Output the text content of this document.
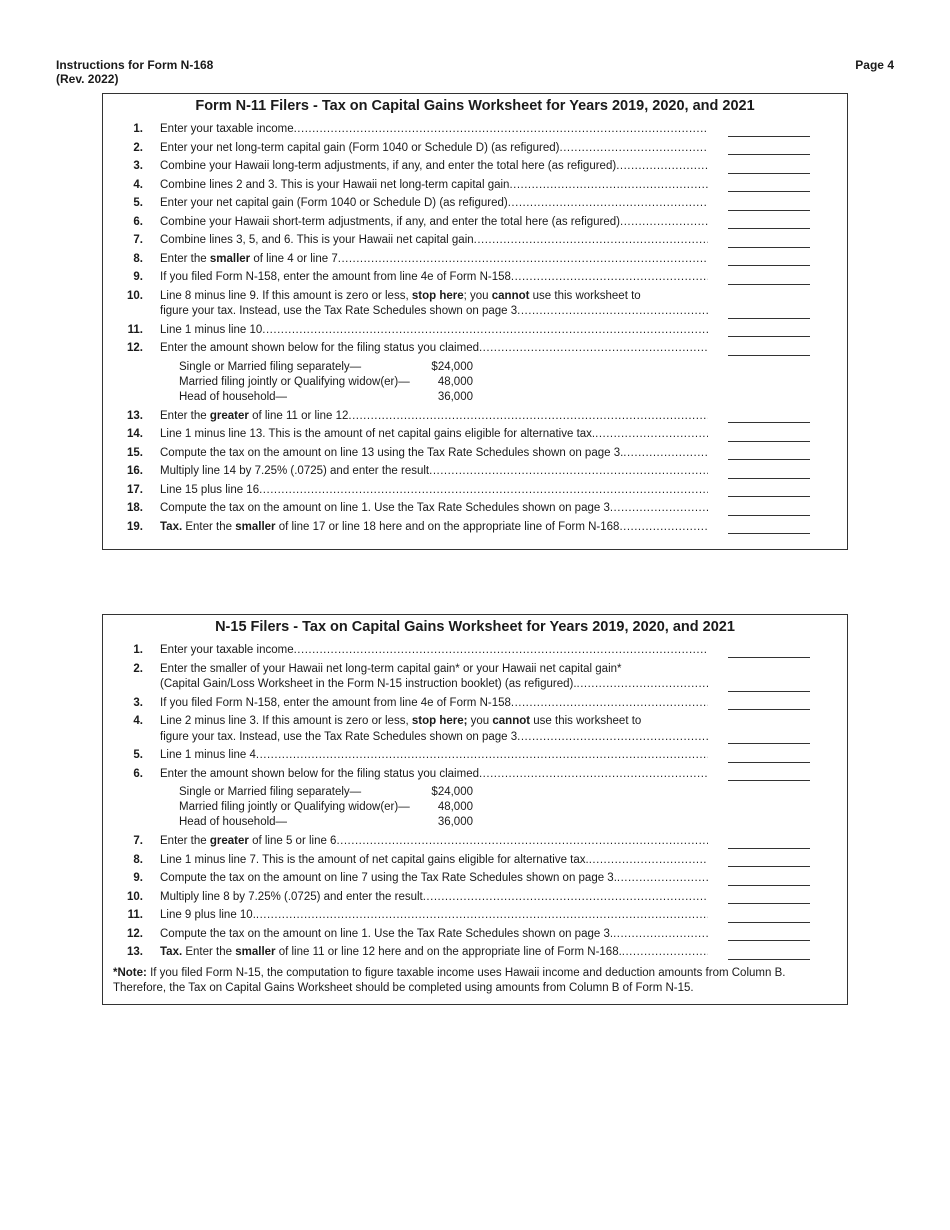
Instructions for Form N-168
(Rev. 2022)
Page 4
Form N-11 Filers - Tax on Capital Gains Worksheet for Years 2019, 2020, and 2021
1. Enter your taxable income
.....
2. Enter your net long-term capital gain (Form 1040 or Schedule D) (as refigured)
.....
3. Combine your Hawaii long-term adjustments, if any, and enter the total here (as refigured)
.....
4. Combine lines 2 and 3. This is your Hawaii net long-term capital gain
.....
5. Enter your net capital gain (Form 1040 or Schedule D) (as refigured)
.....
6. Combine your Hawaii short-term adjustments, if any, and enter the total here (as refigured)
.....
7. Combine lines 3, 5, and 6. This is your Hawaii net capital gain
.....
8. Enter the smaller of line 4 or line 7
.....
9. If you filed Form N-158, enter the amount from line 4e of Form N-158
.....
10. Line 8 minus line 9. If this amount is zero or less, stop here; you cannot use this worksheet to
figure your tax. Instead, use the Tax Rate Schedules shown on page 3
.....
11. Line 1 minus line 10
.....
12. Enter the amount shown below for the filing status you claimed
.....
Single or Married filing separately—	$24,000
Married filing jointly or Qualifying widow(er)—	48,000
Head of household—	36,000
13. Enter the greater of line 11 or line 12
.....
14. Line 1 minus line 13. This is the amount of net capital gains eligible for alternative tax.
.....
15. Compute the tax on the amount on line 13 using the Tax Rate Schedules shown on page 3.
.....
16. Multiply line 14 by 7.25% (.0725) and enter the result
.....
17. Line 15 plus line 16
.....
18. Compute the tax on the amount on line 1. Use the Tax Rate Schedules shown on page 3
.....
19. Tax. Enter the smaller of line 17 or line 18 here and on the appropriate line of Form N-168
.....
N-15 Filers - Tax on Capital Gains Worksheet for Years 2019, 2020, and 2021
1. Enter your taxable income
.....
2. Enter the smaller of your Hawaii net long-term capital gain* or your Hawaii net capital gain*
(Capital Gain/Loss Worksheet in the Form N-15 instruction booklet) (as refigured).
.....
3. If you filed Form N-158, enter the amount from line 4e of Form N-158
.....
4. Line 2 minus line 3. If this amount is zero or less, stop here; you cannot use this worksheet to
figure your tax. Instead, use the Tax Rate Schedules shown on page 3
.....
5. Line 1 minus line 4
.....
6. Enter the amount shown below for the filing status you claimed
.....
Single or Married filing separately—	$24,000
Married filing jointly or Qualifying widow(er)—	48,000
Head of household—	36,000
7. Enter the greater of line 5 or line 6
.....
8. Line 1 minus line 7. This is the amount of net capital gains eligible for alternative tax.
.....
9. Compute the tax on the amount on line 7 using the Tax Rate Schedules shown on page 3.
.....
10. Multiply line 8 by 7.25% (.0725) and enter the result
.....
11. Line 9 plus line 10.
.....
12. Compute the tax on the amount on line 1. Use the Tax Rate Schedules shown on page 3.
.....
13. Tax. Enter the smaller of line 11 or line 12 here and on the appropriate line of Form N-168.
.....
*Note: If you filed Form N-15, the computation to figure taxable income uses Hawaii income and deduction amounts from Column B. Therefore, the Tax on Capital Gains Worksheet should be completed using amounts from Column B of Form N-15.
